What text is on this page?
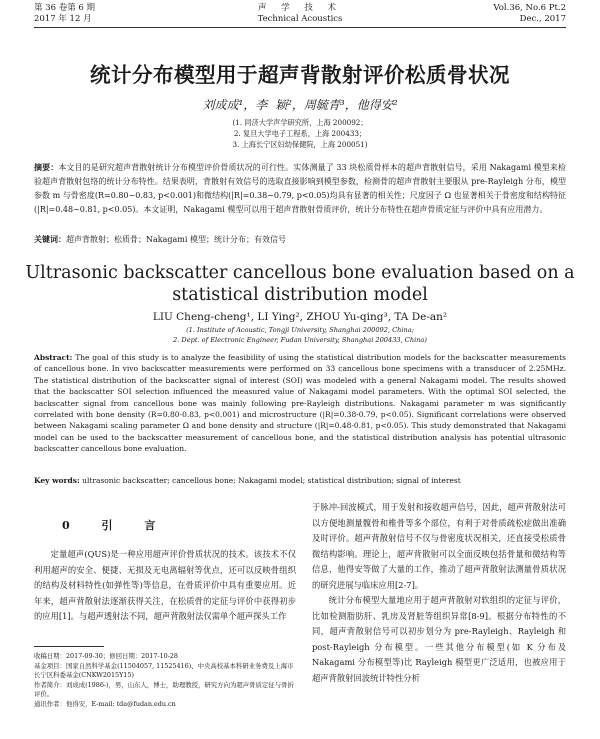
第 36 卷第 6 期
2017 年 12 月
声 学 技 术
Technical Acoustics
Vol.36, No.6 Pt.2
Dec., 2017
统计分布模型用于超声背散射评价松质骨状况
刘成成¹，李 颖²，周毓青³，他得安²
(1. 同济大学声学研究所，上海 200092；
2. 复旦大学电子工程系，上海 200433；
3. 上海长宁区妇幼保健院，上海 200051)
摘要：本文目的是研究超声背散射统计分布模型评价骨质状况的可行性。实体测量了 33 块松质骨样本的超声背散射信号，采用 Nakagami 模型来检验超声背散射包络的统计分布特性。结果表明，背散射有效信号的选取直接影响到模型参数，检测骨的超声背散射主要服从 pre-Rayleigh 分布，模型参数 m 与骨密度(R=0.80~0.83, p<0.001)和微结构(|R|=0.38~0.79, p<0.05)均具有显著的相关性；尺度因子 Ω 也显著相关于骨密度和结构特征(|R|=0.48~0.81, p<0.05)。本文证明，Nakagami 模型可以用于超声背散射骨质评价，统计分布特性在超声骨质定征与评价中具有应用潜力。
关键词：超声背散射；松质骨；Nakagami 模型；统计分布；有效信号
Ultrasonic backscatter cancellous bone evaluation based on a statistical distribution model
LIU Cheng-cheng¹, LI Ying², ZHOU Yu-qing³, TA De-an²
(1. Institute of Acoustic, Tongji University, Shanghai 200092, China;
2. Dept. of Electronic Engineer, Fudan University, Shanghai 200433, China)
Abstract: The goal of this study is to analyze the feasibility of using the statistical distribution models for the backscatter measurements of cancellous bone. In vivo backscatter measurements were performed on 33 cancellous bone specimens with a transducer of 2.25MHz. The statistical distribution of the backscatter signal of interest (SOI) was modeled with a general Nakagami model. The results showed that the backscatter SOI selection influenced the measured value of Nakagami model parameters. With the optimal SOI selected, the backscatter signal from cancellous bone was mainly following pre-Rayleigh distributions. Nakagami parameter m was significantly correlated with bone density (R=0.80-0.83, p<0.001) and microstructure (|R|=0.38-0.79, p<0.05). Significant correlations were observed between Nakagami scaling parameter Ω and bone density and structure (|R|=0.48-0.81, p<0.05). This study demonstrated that Nakagami model can be used to the backscatter measurement of cancellous bone, and the statistical distribution analysis has potential ultrasonic backscatter cancellous bone evaluation.
Key words: ultrasonic backscatter; cancellous bone; Nakagami model; statistical distribution; signal of interest
0 引 言

定量超声(QUS)是一种应用超声评价骨质状况的技术。该技术不仅利用超声的安全、便捷、无损及无电离辐射等优点，还可以反映骨组织的结构及材料特性(如弹性等)等信息，在骨质评价中具有重要应用。近年来，超声背散射法逐渐获得关注，在松质骨的定征与评价中获得初步的应用[1]。与超声透射法不同，超声背散射法仅需单个超声探头工作

于脉冲-回波模式，用于发射和接收超声信号，因此，超声背散射法可以方便地测量髋骨和椎骨等多个部位，有利于对骨质疏松症做出准确及时评价。超声背散射信号不仅与骨密度状况相关，还直接受松质骨微结构影响。理论上，超声背散射可以全面反映包括骨量和微结构等信息，他得安等做了大量的工作，推动了超声背散射法测量骨质状况的研究进展与临床应用[2-7]。

统计分布模型大量地应用于超声背散射对软组织的定征与评价，比如检测脂肪肝、乳房及肾脏等组织异常[8-9]。根据分布特性的不同，超声背散射信号可以初步划分为 pre-Rayleigh、Rayleigh 和 post-Rayleigh 分布模型。一些其他分布模型(如 K 分布及 Nakagami 分布模型等)比 Rayleigh 模型更广泛适用，也被应用于超声背散射回波统计特性分析

收稿日期：2017-09-30；修回日期：2017-10-28
基金项目：国家自然科学基金(11504057, 11525416)、中央高校基本科研业务费及上海市长宁区科委基金(CNKW2015Y15)
作者简介：刘成成(1986-)，男，山东人，博士，助理教授，研究方向为超声骨质定征与骨折评价。
通讯作者：他得安，E-mail: tda@fudan.edu.cn
